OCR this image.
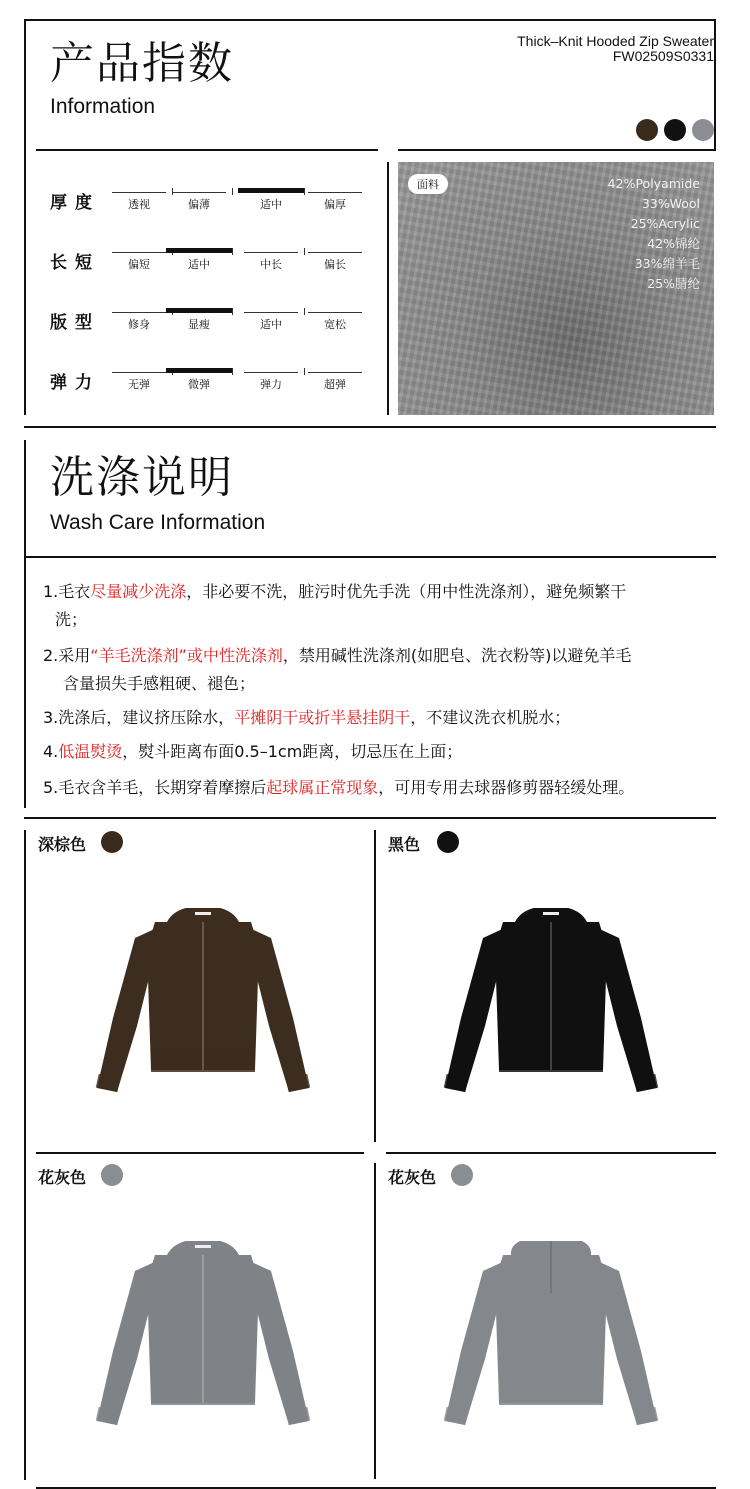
产品指数
Information
Thick–Knit Hooded Zip Sweater
FW02509S0331
厚度	透视	偏薄	适中	偏厚
长短	偏短	适中	中长	偏长
版型	修身	显瘦	适中	宽松
弹力	无弹	微弹	弹力	超弹
面料	42%Polyamide
33%Wool
25%Acrylic
42%锦纶
33%绵羊毛
25%腈纶
洗涤说明
Wash Care Information
1.毛衣尽量减少洗涤，非必要不洗，脏污时优先手洗（用中性洗涤剂），避免频繁干
洗；
2.采用“羊毛洗涤剂”或中性洗涤剂，禁用碱性洗涤剂(如肥皂、洗衣粉等)以避免羊毛
含量损失手感粗硬、褪色；
3.洗涤后，建议挤压除水，平摊阴干或折半悬挂阴干，不建议洗衣机脱水；
4.低温熨烫，熨斗距离布面0.5–1cm距离，切忌压在上面；
5.毛衣含羊毛，长期穿着摩擦后起球属正常现象，可用专用去球器修剪器轻缓处理。
深棕色	黑色
花灰色	花灰色
